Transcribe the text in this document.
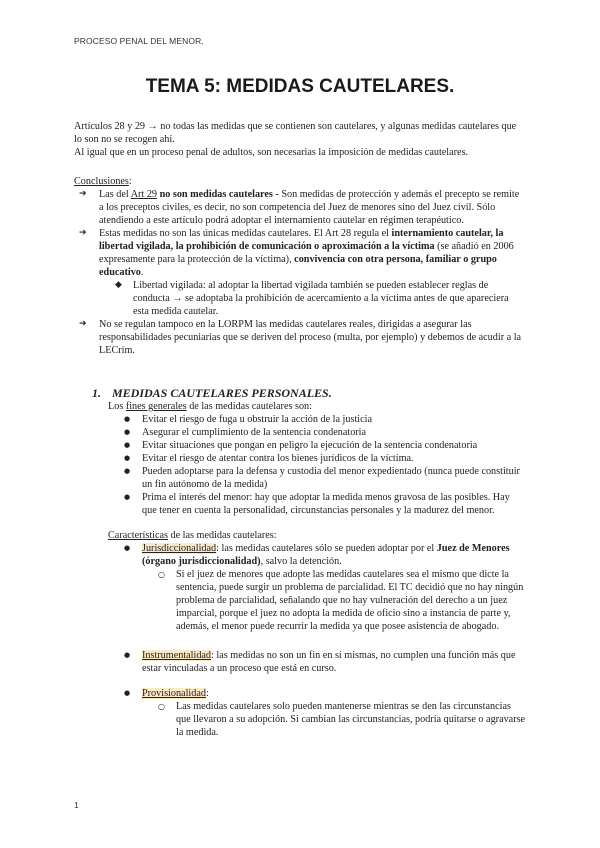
PROCESO PENAL DEL MENOR.
TEMA 5: MEDIDAS CAUTELARES.

Artículos 28 y 29 → no todas las medidas que se contienen son cautelares, y algunas medidas cautelares que lo son no se recogen ahí.

Al igual que en un proceso penal de adultos, son necesarias la imposición de medidas cautelares.

Conclusiones:

➔ Las del Art 29 no son medidas cautelares - Son medidas de protección y además el precepto se remite a los preceptos civiles, es decir, no son competencia del Juez de menores sino del Juez civil. Sólo atendiendo a este artículo podrá adoptar el internamiento cautelar en régimen terapéutico.
➔ Estas medidas no son las únicas medidas cautelares. El Art 28 regula el internamiento cautelar, la libertad vigilada, la prohibición de comunicación o aproximación a la víctima (se añadió en 2006 expresamente para la protección de la víctima), convivencia con otra persona, familiar o grupo educativo.
◆ Libertad vigilada: al adoptar la libertad vigilada también se pueden establecer reglas de conducta → se adoptaba la prohibición de acercamiento a la víctima antes de que apareciera esta medida cautelar.
➔ No se regulan tampoco en la LORPM las medidas cautelares reales, dirigidas a asegurar las responsabilidades pecuniarias que se deriven del proceso (multa, por ejemplo) y debemos de acudir a la LECrim.
1. MEDIDAS CAUTELARES PERSONALES.

Los fines generales de las medidas cautelares son:

● Evitar el riesgo de fuga u obstruir la acción de la justicia
● Asegurar el cumplimiento de la sentencia condenatoria
● Evitar situaciones que pongan en peligro la ejecución de la sentencia condenatoria
● Evitar el riesgo de atentar contra los bienes jurídicos de la víctima.
● Pueden adoptarse para la defensa y custodia del menor expedientado (nunca puede constituir un fin autónomo de la medida)
● Prima el interés del menor: hay que adoptar la medida menos gravosa de las posibles. Hay que tener en cuenta la personalidad, circunstancias personales y la madurez del menor.

Características de las medidas cautelares:

● Jurisdiccionalidad: las medidas cautelares sólo se pueden adoptar por el Juez de Menores (órgano jurisdiccionalidad), salvo la detención.
○ Si el juez de menores que adopte las medidas cautelares sea el mismo que dicte la sentencia, puede surgir un problema de parcialidad. El TC decidió que no hay ningún problema de parcialidad, señalando que no hay vulneración del derecho a un juez imparcial, porque el juez no adopta la medida de oficio sino a instancia de parte y, además, el menor puede recurrir la medida ya que posee asistencia de abogado.
● Instrumentalidad: las medidas no son un fin en sí mismas, no cumplen una función más que estar vinculadas a un proceso que está en curso.
● Provisionalidad:
○ Las medidas cautelares solo pueden mantenerse mientras se den las circunstancias que llevaron a su adopción. Si cambian las circunstancias, podría quitarse o agravarse la medida.
1
